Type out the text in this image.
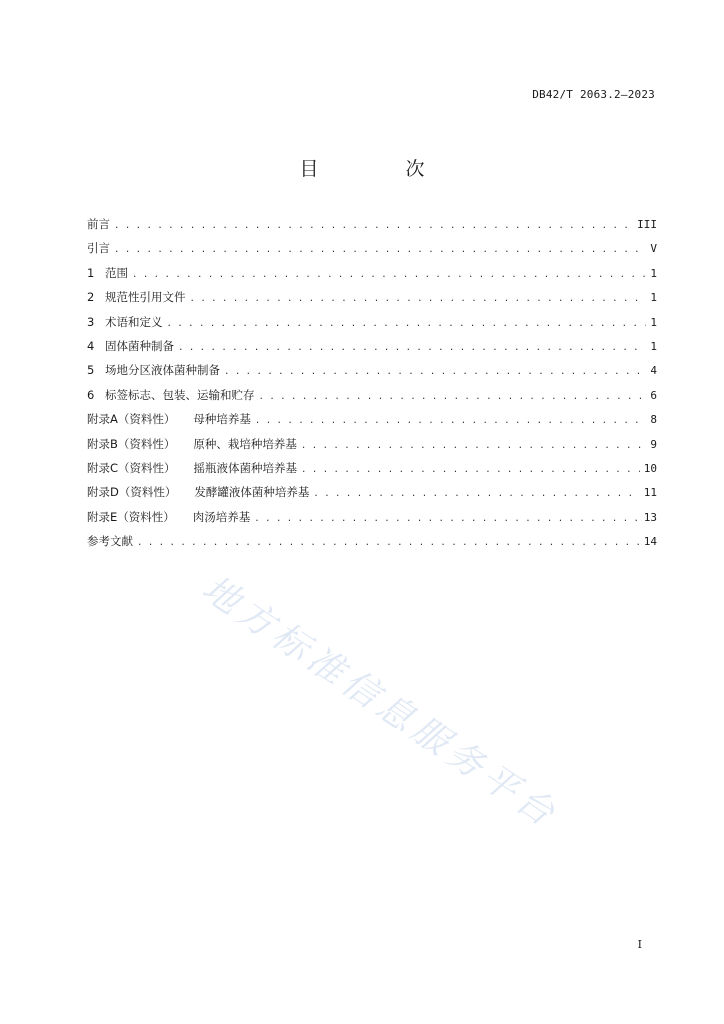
DB42/T 2063.2—2023
目　次
前言 . . .	III
引言 . . .	V
1 范围 . . .	1
2 规范性引用文件 . . .	1
3 术语和定义 . . .	1
4 固体菌种制备 . . .	1
5 场地分区液体菌种制备 . . .	4
6 标签标志、包装、运输和贮存 . . .	6
附录A（资料性） 母种培养基 . . .	8
附录B（资料性） 原种、栽培种培养基 . . .	9
附录C（资料性） 摇瓶液体菌种培养基 . . .	10
附录D（资料性） 发酵罐液体菌种培养基 . . .	11
附录E（资料性） 肉汤培养基 . . .	13
参考文献 . . .	14
地方标准信息服务平台
I
